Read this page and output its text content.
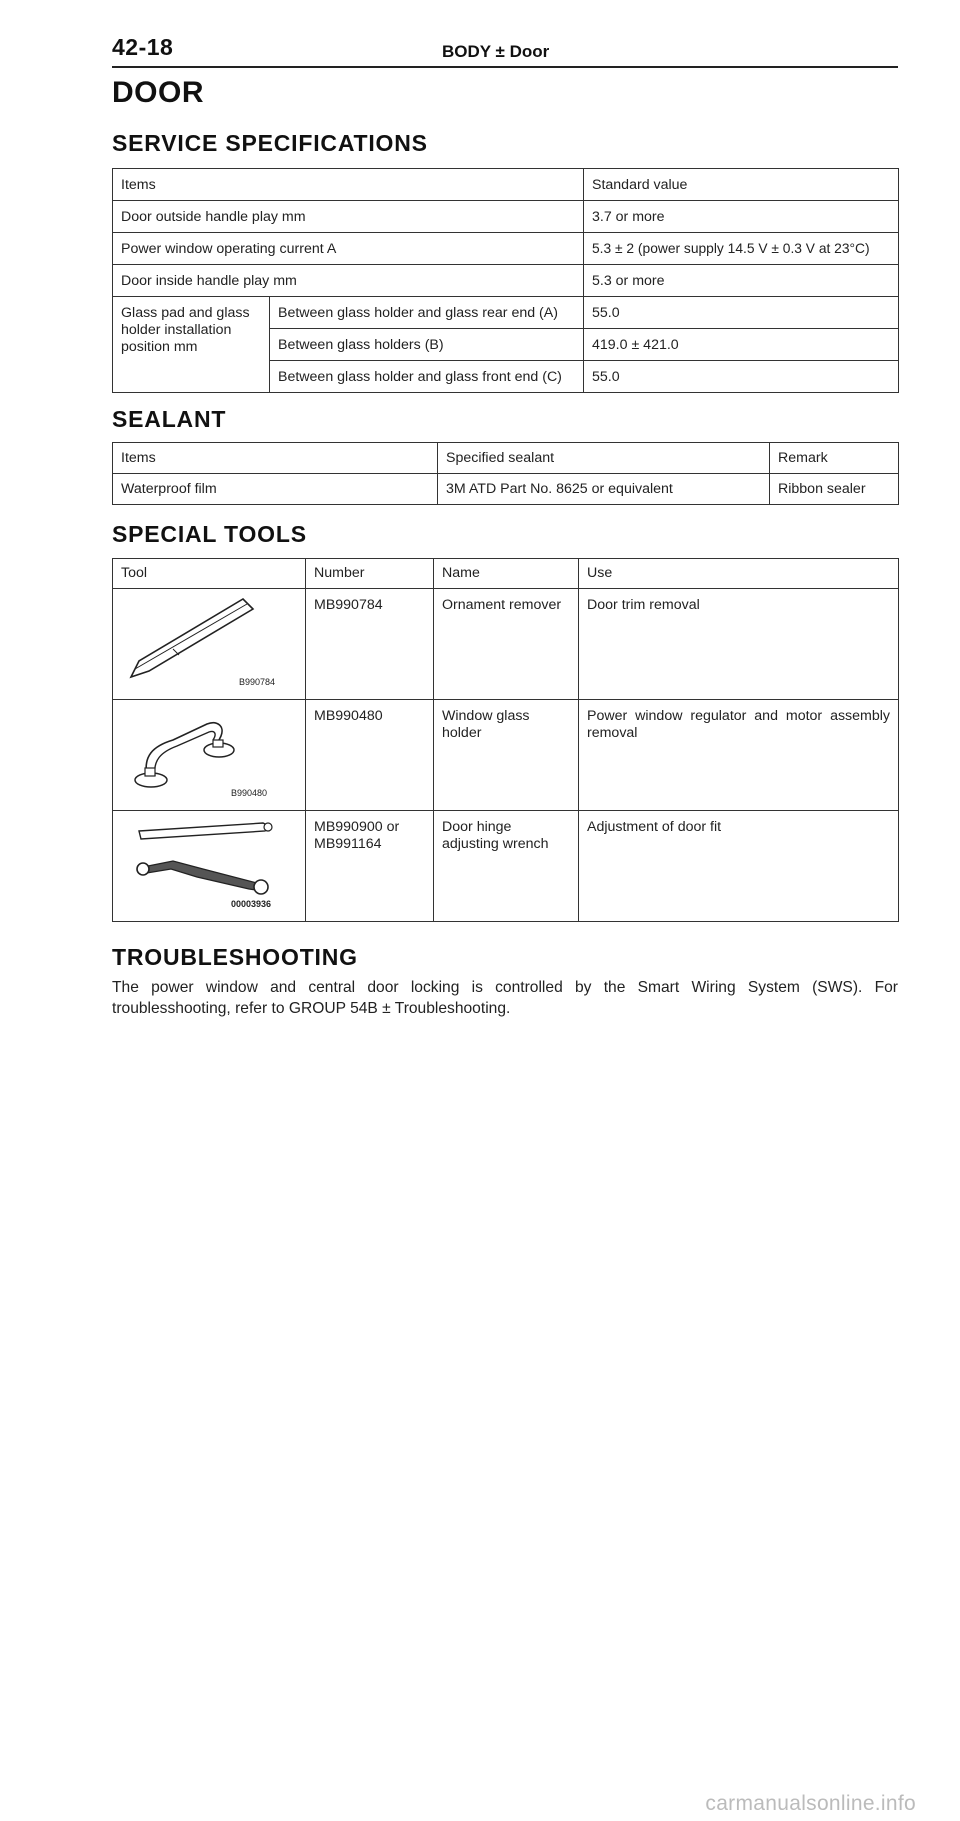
42-18	BODY ± Door
DOOR
SERVICE SPECIFICATIONS
Items		Standard value
Door outside handle play mm		3.7 or more
Power window operating current A		5.3 ± 2 (power supply 14.5 V ± 0.3 V at 23°C)
Door inside handle play mm		5.3 or more
Glass pad and glass holder installation position mm	Between glass holder and glass rear end (A)	55.0
	Between glass holders (B)	419.0 ± 421.0
	Between glass holder and glass front end (C)	55.0
SEALANT
Items	Specified sealant	Remark
Waterproof film	3M ATD Part No. 8625 or equivalent	Ribbon sealer
SPECIAL TOOLS
Tool	Number	Name	Use

B990784	MB990784	Ornament remover	Door trim removal

B990480	MB990480	Window glass holder	Power window regulator and motor assembly removal

00003936	MB990900 or MB991164	Door hinge adjusting wrench	Adjustment of door fit
TROUBLESHOOTING
The power window and central door locking is controlled by the Smart Wiring System (SWS). For troublesshooting, refer to GROUP 54B ± Troubleshooting.
carmanualsonline.info
